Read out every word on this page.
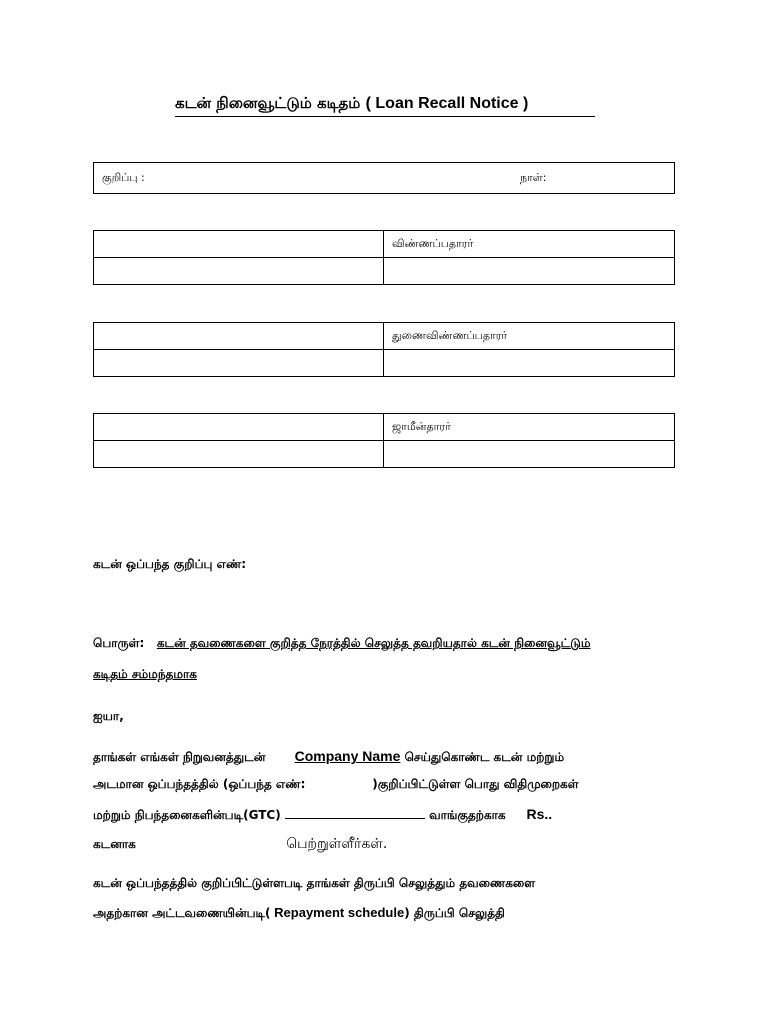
கடன் நினைவூட்டும் கடிதம் ( Loan Recall Notice )
குறிப்பு :	நாள்:
	விண்ணப்பதாரர்

	துணைவிண்ணப்பதாரர்

	ஜாமீன்தாரர்

கடன் ஒப்பந்த குறிப்பு எண்:
பொருள்: கடன் தவணைகளை குறித்த நேரத்தில் செலுத்த தவறியதால் கடன் நினைவூட்டும்
கடிதம் சம்மந்தமாக
ஐயா,
தாங்கள் எங்கள் நிறுவனத்துடன் Company Name செய்துகொண்ட கடன் மற்றும்
அடமான ஒப்பந்தத்தில் (ஒப்பந்த எண்:	)குறிப்பிட்டுள்ள பொது விதிமுறைகள்
மற்றும் நிபந்தனைகளின்படி(GTC)	வாங்குதற்காக Rs..
கடனாக	பெற்றுள்ளீர்கள்.
கடன் ஒப்பந்தத்தில் குறிப்பிட்டுள்ளபடி தாங்கள் திருப்பி செலுத்தும் தவணைகளை
அதற்கான அட்டவணையின்படி( Repayment schedule) திருப்பி செலுத்தி
